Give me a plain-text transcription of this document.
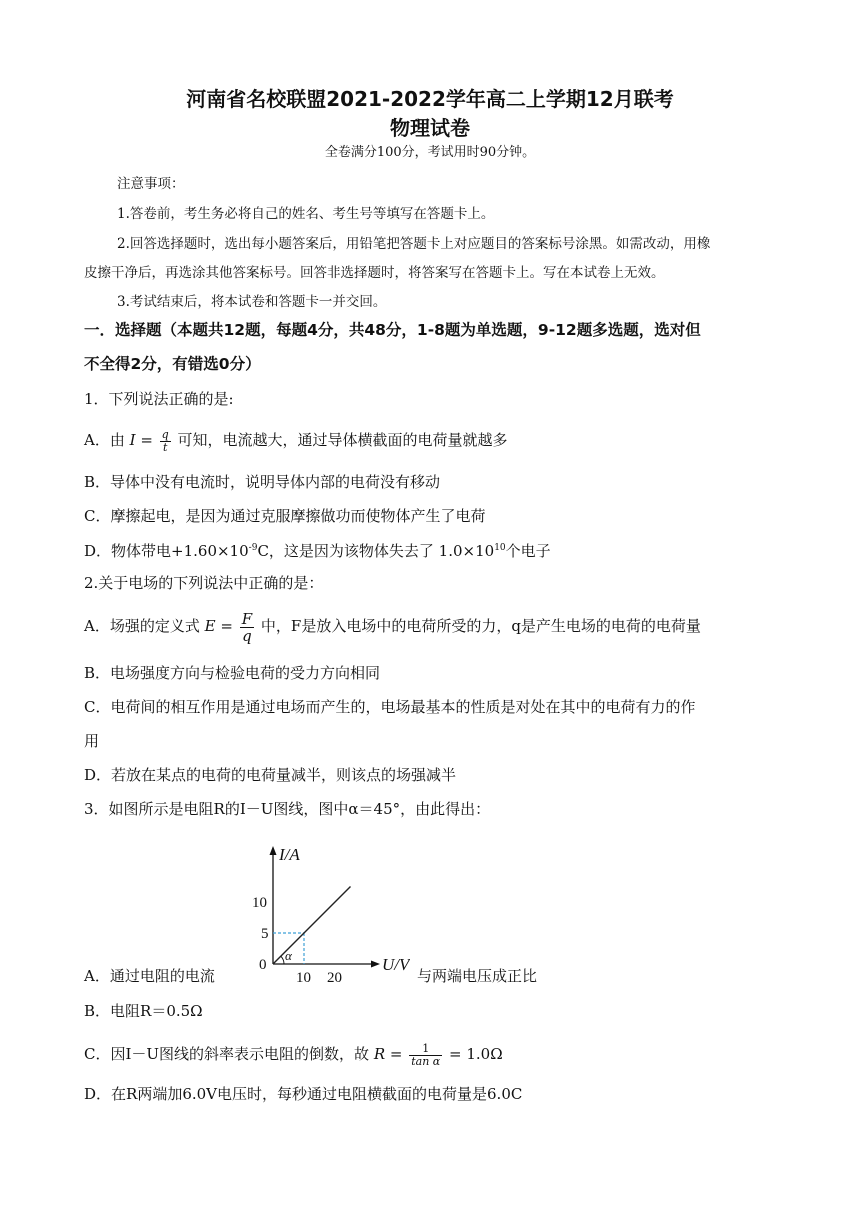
河南省名校联盟2021-2022学年高二上学期12月联考
物理试卷
全卷满分100分，考试用时90分钟。
注意事项：
1.答卷前，考生务必将自己的姓名、考生号等填写在答题卡上。
2.回答选择题时，选出每小题答案后，用铅笔把答题卡上对应题目的答案标号涂黑。如需改动，用橡
皮擦干净后，再选涂其他答案标号。回答非选择题时，将答案写在答题卡上。写在本试卷上无效。
3.考试结束后，将本试卷和答题卡一并交回。
一．选择题（本题共12题，每题4分，共48分，1-8题为单选题，9-12题多选题，选对但
不全得2分，有错选0分）
1．下列说法正确的是:
A．由 $I = \frac{q}{t}$ 可知，电流越大，通过导体横截面的电荷量就越多
B．导体中没有电流时，说明导体内部的电荷没有移动
C．摩擦起电，是因为通过克服摩擦做功而使物体产生了电荷
D．物体带电$+1.60\times 10^{-9}C$，这是因为该物体失去了 $1.0\times 10^{10}$个电子
2.关于电场的下列说法中正确的是：
A．场强的定义式 $E = \frac{F}{q}$ 中，F是放入电场中的电荷所受的力，q是产生电场的电荷的电荷量
B．电场强度方向与检验电荷的受力方向相同
C．电荷间的相互作用是通过电场而产生的，电场最基本的性质是对处在其中的电荷有力的作
用
D．若放在某点的电荷的电荷量减半，则该点的场强减半
3．如图所示是电阻R的I－U图线，图中α＝45°，由此得出：
I/A
U/V
0
10 20
5
10
α
A．通过电阻的电流	与两端电压成正比
B．电阻R＝0.5Ω
C．因I－U图线的斜率表示电阻的倒数，故 $R = \frac{1}{\text{tan α}} = 1.0\Omega$
D．在R两端加6.0V电压时，每秒通过电阻横截面的电荷量是6.0C
